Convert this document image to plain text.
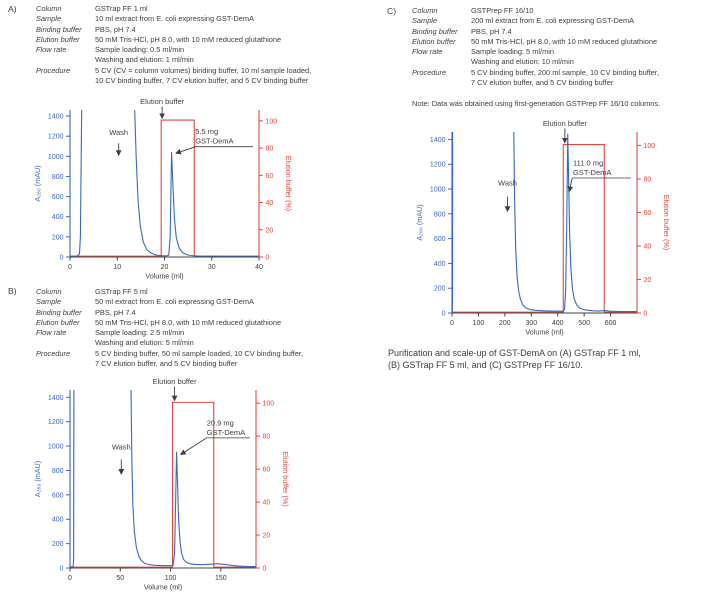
A)	Column	GSTrap FF 1 ml
Sample	10 ml extract from E. coli expressing GST-DemA
Binding buffer	PBS, pH 7.4
Elution buffer	50 mM Tris-HCl, pH 8.0, with 10 mM reduced glutathione
Flow rate	Sample loading: 0.5 ml/min
Washing and elution: 1 ml/min
Procedure	5 CV (CV = column volumes) binding buffer, 10 ml sample loaded,
10 CV binding buffer, 7 CV elution buffer, and 5 CV binding buffer
0
200
400
600
800
1000
1200
1400
0	10	20	30	40
0
20
40
60
80
100
Volume (ml)
A₂₈₀ (mAU)	Elution buffer (%)
Wash
Elution buffer
5.5 mg
GST-DemA
B)	Column	GSTrap FF 5 ml
Sample	50 ml extract from E. coli expressing GST-DemA
Binding buffer	PBS, pH 7.4
Elution buffer	50 mM Tris-HCl, pH 8.0, with 10 mM reduced glutathione
Flow rate	Sample loading: 2.5 ml/min
Washing and elution: 5 ml/min
Procedure	5 CV binding buffer, 50 ml sample loaded, 10 CV binding buffer,
7 CV elution buffer, and 5 CV binding buffer
0
200
400
600
800
1000
1200
1400
0	50	100	150
0
20
40
60
80
100
Volume (ml)
A₂₈₀ (mAU)	Elution buffer (%)
Wash
Elution buffer
20.9 mg
GST-DemA
C) Column	GSTPrep FF 16/10
Sample	200 ml extract from E. coli expressing GST-DemA
Binding buffer	PBS, pH 7.4
Elution buffer	50 mM Tris-HCl, pH 8.0, with 10 mM reduced glutathione
Flow rate	Sample loading: 5 ml/min
Washing and elution: 10 ml/min
Procedure	5 CV binding buffer, 200 ml sample, 10 CV binding buffer,
7 CV elution buffer, and 5 CV binding buffer
Note: Data was obtained using first-generation GSTPrep FF 16/10 columns.
0
200
400
600
800
1000
1200
1400
0	100 200 300 400 500 600
0
20
40
60
80
100
Volume (ml)
A₂₈₀ (mAU)	Elution buffer (%)
Wash
Elution buffer
111.0 mg
GST-DemA
Purification and scale-up of GST-DemA on (A) GSTrap FF 1 ml,
(B) GSTrap FF 5 ml, and (C) GSTPrep FF 16/10.
